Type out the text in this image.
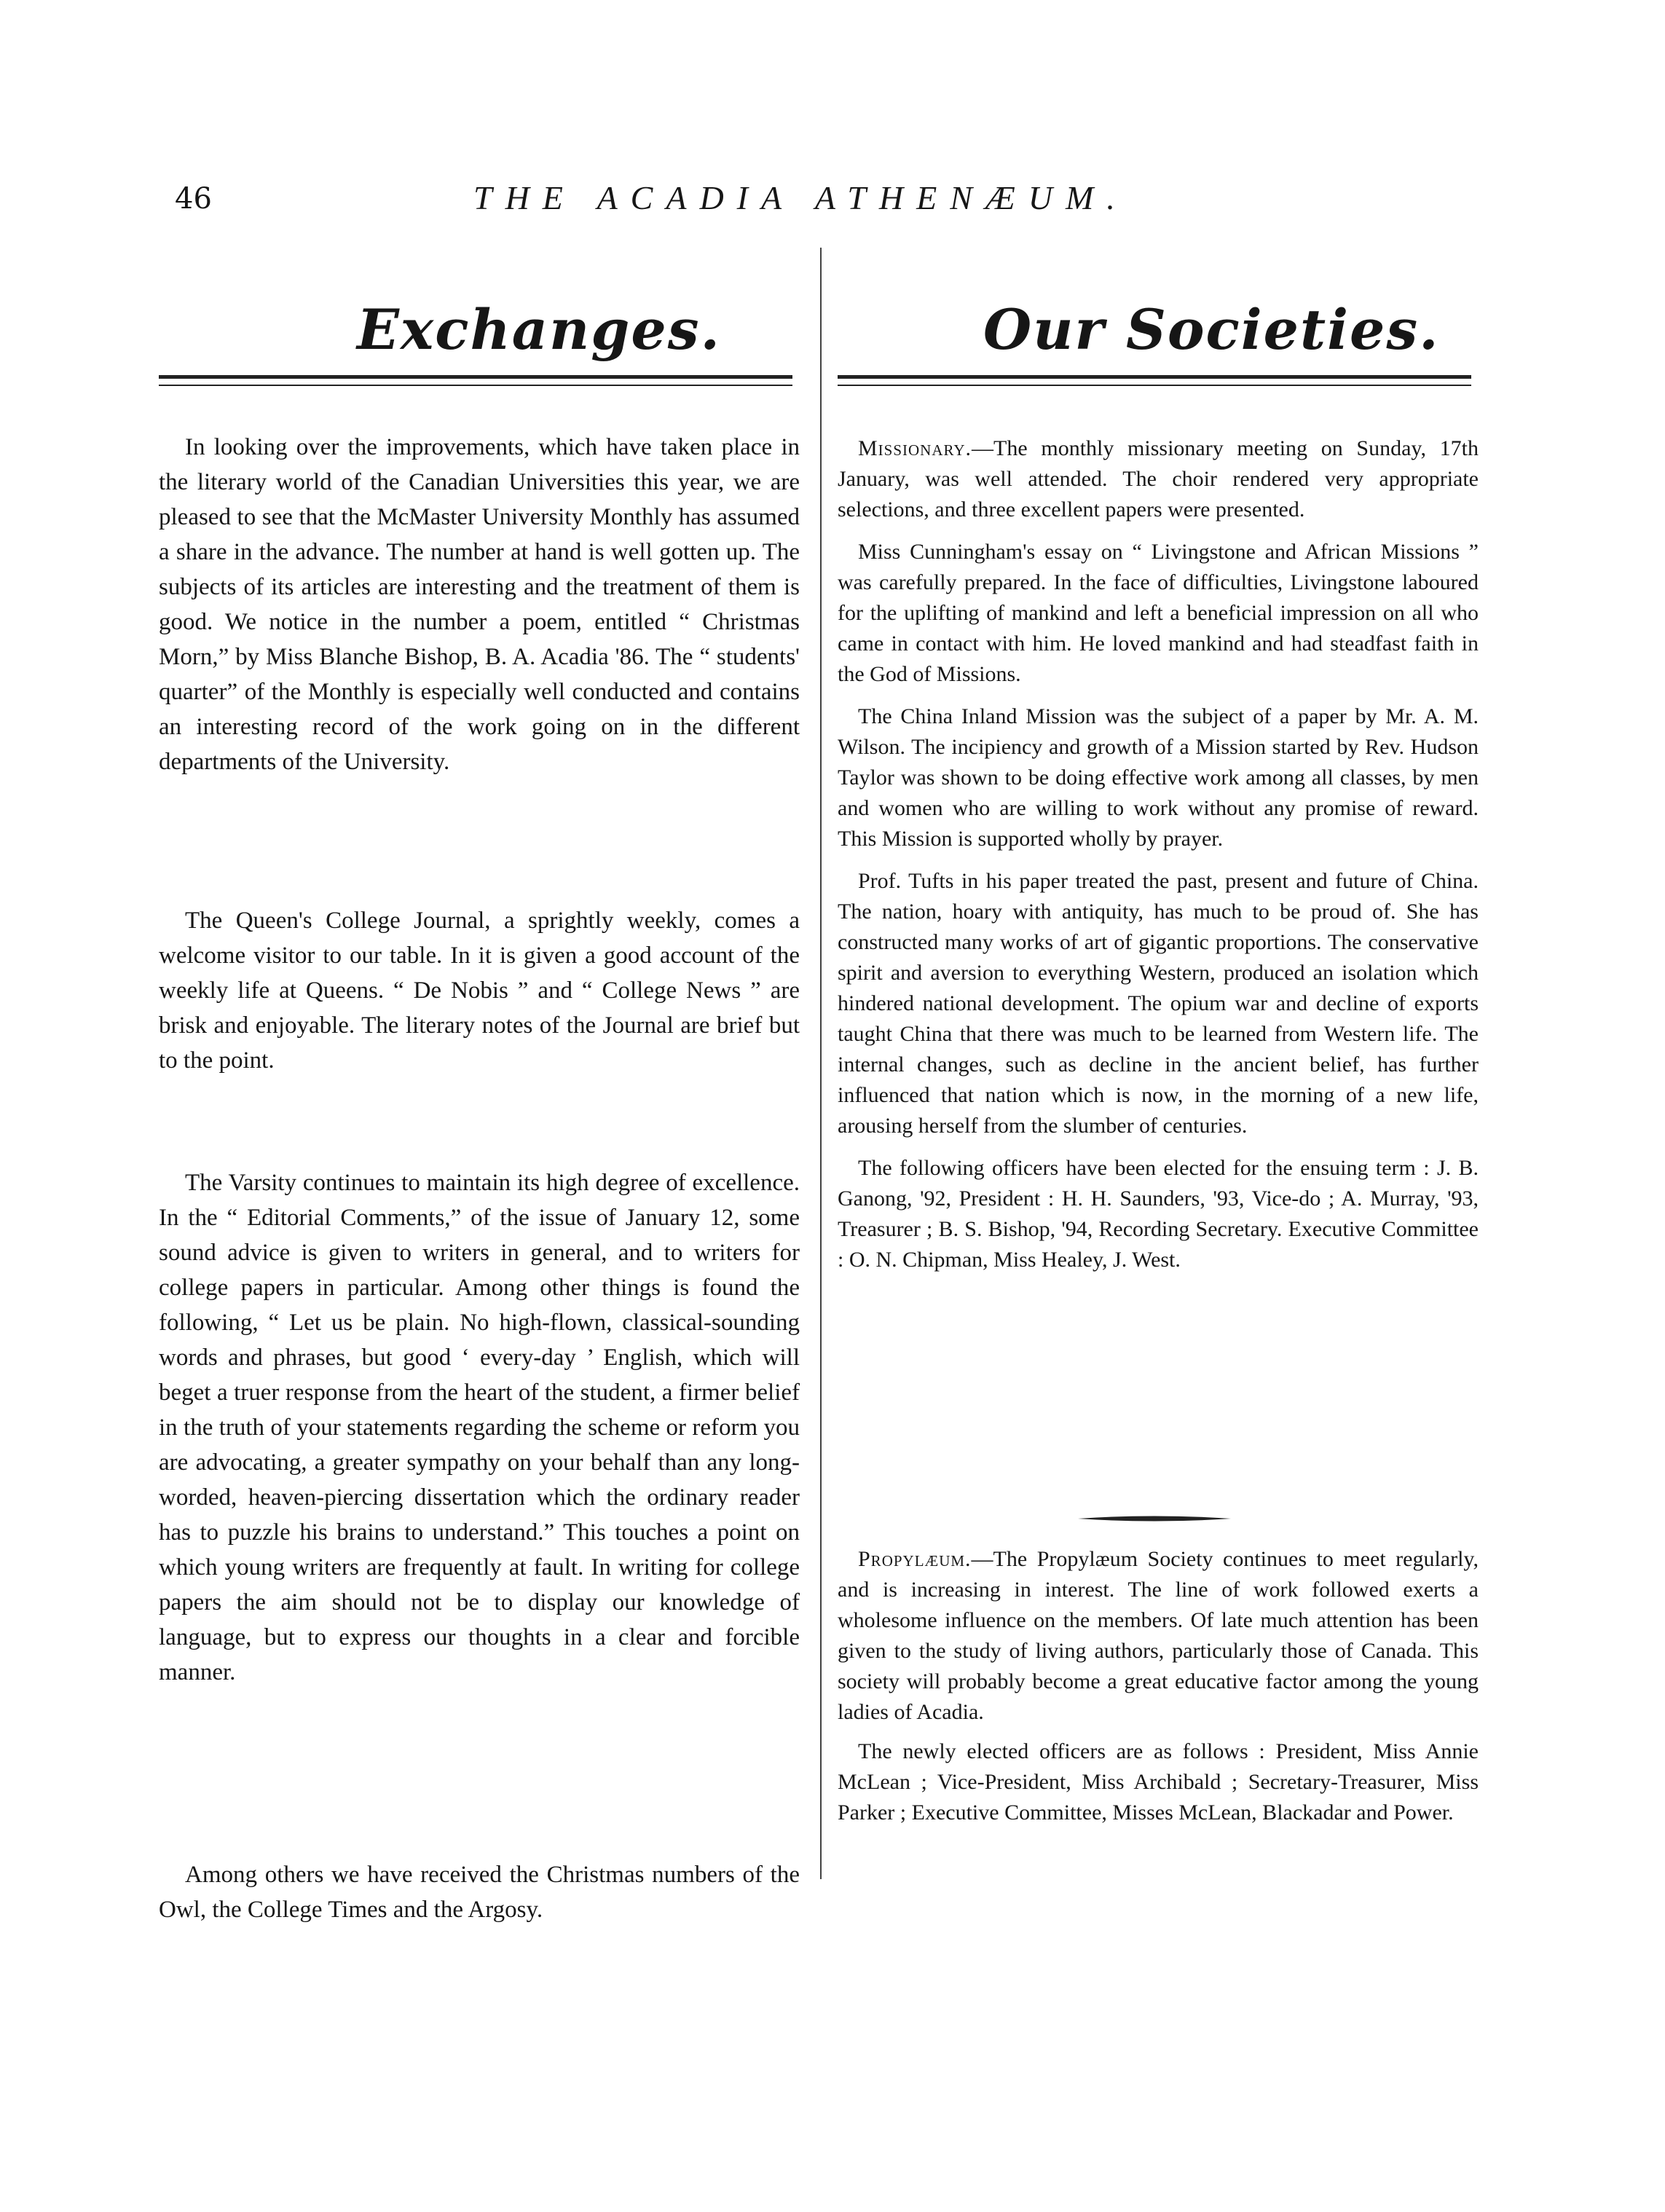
46	THE ACADIA ATHENÆUM.
Exchanges.
In looking over the improvements, which have taken place in the literary world of the Canadian Universities this year, we are pleased to see that the McMaster University Monthly has assumed a share in the advance. The number at hand is well gotten up. The subjects of its articles are interesting and the treatment of them is good. We notice in the number a poem, entitled “ Christmas Morn,” by Miss Blanche Bishop, B. A. Acadia '86. The “ students' quarter” of the Monthly is especially well conducted and contains an interesting record of the work going on in the different departments of the University.
The Queen's College Journal, a sprightly weekly, comes a welcome visitor to our table. In it is given a good account of the weekly life at Queens. “ De Nobis ” and “ College News ” are brisk and enjoyable. The literary notes of the Journal are brief but to the point.
The Varsity continues to maintain its high degree of excellence. In the “ Editorial Comments,” of the issue of January 12, some sound advice is given to writers in general, and to writers for college papers in particular. Among other things is found the following, “ Let us be plain. No high-flown, classical-sounding words and phrases, but good ‘ every-day ’ English, which will beget a truer response from the heart of the student, a firmer belief in the truth of your statements regarding the scheme or reform you are advocating, a greater sympathy on your behalf than any long-worded, heaven-piercing dissertation which the ordinary reader has to puzzle his brains to understand.” This touches a point on which young writers are frequently at fault. In writing for college papers the aim should not be to display our knowledge of language, but to express our thoughts in a clear and forcible manner.
Among others we have received the Christmas numbers of the Owl, the College Times and the Argosy.
Our Societies.
Missionary.—The monthly missionary meeting on Sunday, 17th January, was well attended. The choir rendered very appropriate selections, and three excellent papers were presented.
Miss Cunningham's essay on “ Livingstone and African Missions ” was carefully prepared. In the face of difficulties, Livingstone laboured for the uplifting of mankind and left a beneficial impression on all who came in contact with him. He loved mankind and had steadfast faith in the God of Missions.
The China Inland Mission was the subject of a paper by Mr. A. M. Wilson. The incipiency and growth of a Mission started by Rev. Hudson Taylor was shown to be doing effective work among all classes, by men and women who are willing to work without any promise of reward. This Mission is supported wholly by prayer.
Prof. Tufts in his paper treated the past, present and future of China. The nation, hoary with antiquity, has much to be proud of. She has constructed many works of art of gigantic proportions. The conservative spirit and aversion to everything Western, produced an isolation which hindered national development. The opium war and decline of exports taught China that there was much to be learned from Western life. The internal changes, such as decline in the ancient belief, has further influenced that nation which is now, in the morning of a new life, arousing herself from the slumber of centuries.
The following officers have been elected for the ensuing term : J. B. Ganong, '92, President : H. H. Saunders, '93, Vice-do ; A. Murray, '93, Treasurer ; B. S. Bishop, '94, Recording Secretary. Executive Committee : O. N. Chipman, Miss Healey, J. West.
Propylæum.—The Propylæum Society continues to meet regularly, and is increasing in interest. The line of work followed exerts a wholesome influence on the members. Of late much attention has been given to the study of living authors, particularly those of Canada. This society will probably become a great educative factor among the young ladies of Acadia.
The newly elected officers are as follows : President, Miss Annie McLean ; Vice-President, Miss Archibald ; Secretary-Treasurer, Miss Parker ; Executive Committee, Misses McLean, Blackadar and Power.
